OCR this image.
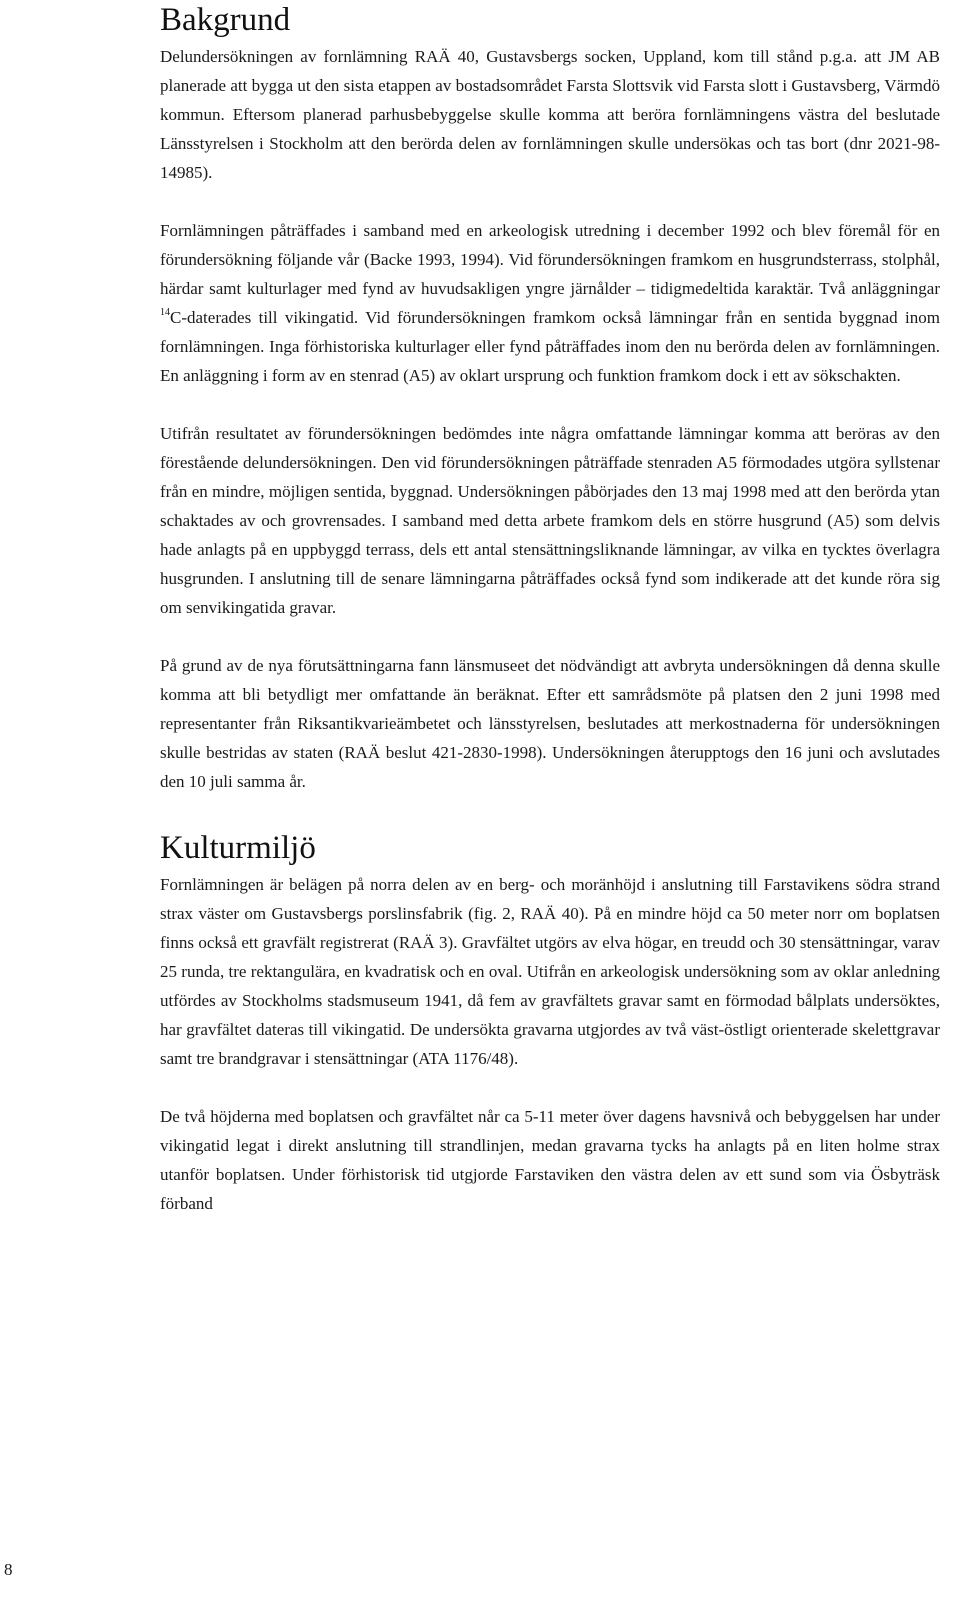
Bakgrund

Delundersökningen av fornlämning RAÄ 40, Gustavsbergs socken, Uppland, kom till stånd p.g.a. att JM AB planerade att bygga ut den sista etappen av bostadsområdet Farsta Slottsvik vid Farsta slott i Gustavsberg, Värmdö kommun. Eftersom planerad parhusbebyggelse skulle komma att beröra fornlämningens västra del beslutade Länsstyrelsen i Stockholm att den berörda delen av fornlämningen skulle undersökas och tas bort (dnr 2021-98-14985).

Fornlämningen påträffades i samband med en arkeologisk utredning i december 1992 och blev föremål för en förundersökning följande vår (Backe 1993, 1994). Vid förundersökningen framkom en husgrundsterrass, stolphål, härdar samt kulturlager med fynd av huvudsakligen yngre järnålder – tidigmedeltida karaktär. Två anläggningar $^{14}$C-daterades till vikingatid. Vid förundersökningen framkom också lämningar från en sentida byggnad inom fornlämningen. Inga förhistoriska kulturlager eller fynd påträffades inom den nu berörda delen av fornlämningen. En anläggning i form av en stenrad (A5) av oklart ursprung och funktion framkom dock i ett av sökschakten.

Utifrån resultatet av förundersökningen bedömdes inte några omfattande lämningar komma att beröras av den förestående delundersökningen. Den vid förundersökningen påträffade stenraden A5 förmodades utgöra syllstenar från en mindre, möjligen sentida, byggnad. Undersökningen påbörjades den 13 maj 1998 med att den berörda ytan schaktades av och grovrensades. I samband med detta arbete framkom dels en större husgrund (A5) som delvis hade anlagts på en uppbyggd terrass, dels ett antal stensättningsliknande lämningar, av vilka en tycktes överlagra husgrunden. I anslutning till de senare lämningarna påträffades också fynd som indikerade att det kunde röra sig om senvikingatida gravar.

På grund av de nya förutsättningarna fann länsmuseet det nödvändigt att avbryta undersökningen då denna skulle komma att bli betydligt mer omfattande än beräknat. Efter ett samrådsmöte på platsen den 2 juni 1998 med representanter från Riksantikvarieämbetet och länsstyrelsen, beslutades att merkostnaderna för undersökningen skulle bestridas av staten (RAÄ beslut 421-2830-1998). Undersökningen återupptogs den 16 juni och avslutades den 10 juli samma år.

Kulturmiljö

Fornlämningen är belägen på norra delen av en berg- och moränhöjd i anslutning till Farstavikens södra strand strax väster om Gustavsbergs porslinsfabrik (fig. 2, RAÄ 40). På en mindre höjd ca 50 meter norr om boplatsen finns också ett gravfält registrerat (RAÄ 3). Gravfältet utgörs av elva högar, en treudd och 30 stensättningar, varav 25 runda, tre rektangulära, en kvadratisk och en oval. Utifrån en arkeologisk undersökning som av oklar anledning utfördes av Stockholms stadsmuseum 1941, då fem av gravfältets gravar samt en förmodad bålplats undersöktes, har gravfältet dateras till vikingatid. De undersökta gravarna utgjordes av två väst-östligt orienterade skelettgravar samt tre brandgravar i stensättningar (ATA 1176/48).

De två höjderna med boplatsen och gravfältet når ca 5-11 meter över dagens havsnivå och bebyggelsen har under vikingatid legat i direkt anslutning till strandlinjen, medan gravarna tycks ha anlagts på en liten holme strax utanför boplatsen. Under förhistorisk tid utgjorde Farstaviken den västra delen av ett sund som via Ösbyträsk förband

8
